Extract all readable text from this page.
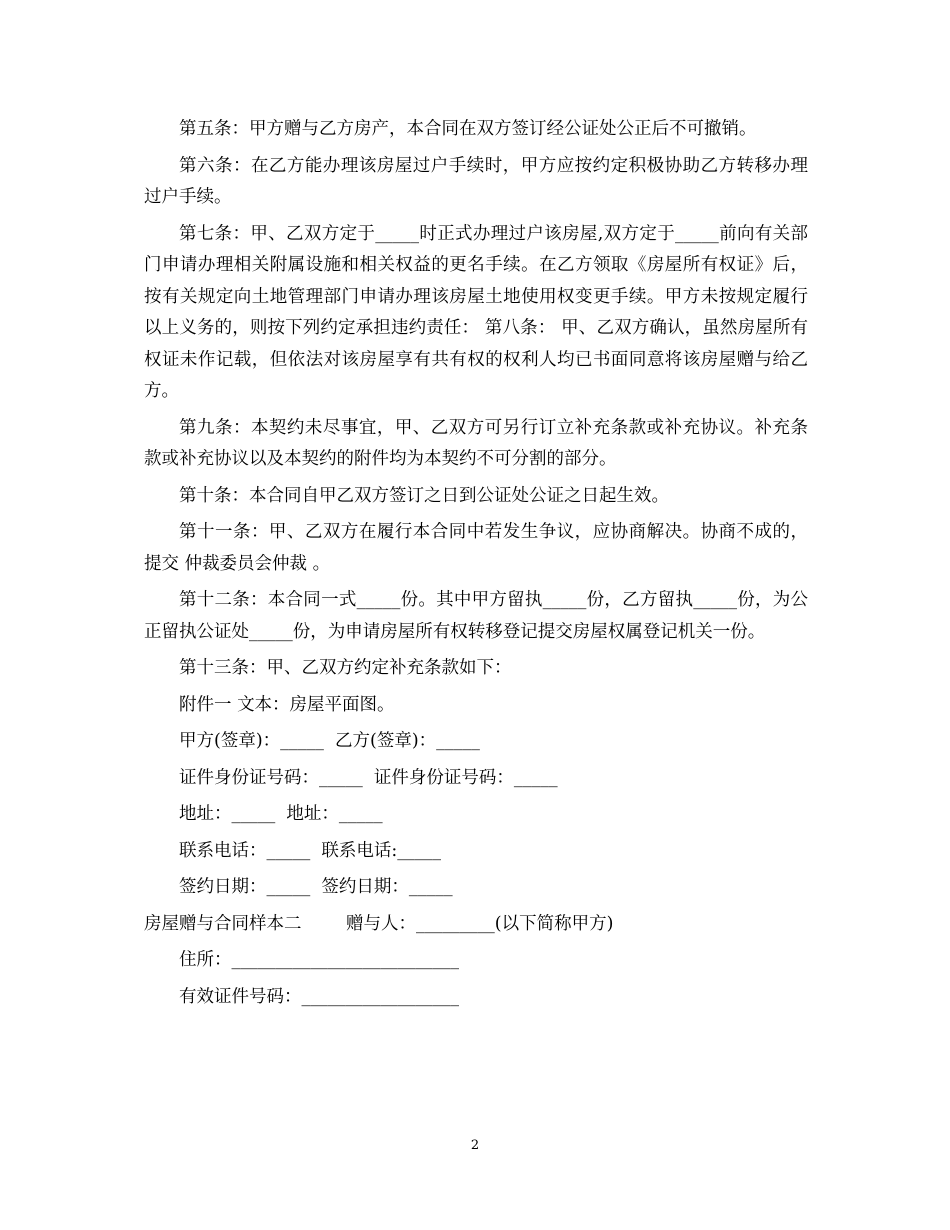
第五条：甲方赠与乙方房产，本合同在双方签订经公证处公正后不可撤销。

第六条：在乙方能办理该房屋过户手续时，甲方应按约定积极协助乙方转移办理过户手续。

第七条：甲、乙双方定于_____时正式办理过户该房屋,双方定于_____前向有关部门申请办理相关附属设施和相关权益的更名手续。在乙方领取《房屋所有权证》后，按有关规定向土地管理部门申请办理该房屋土地使用权变更手续。甲方未按规定履行以上义务的，则按下列约定承担违约责任： 第八条： 甲、乙双方确认，虽然房屋所有权证未作记载，但依法对该房屋享有共有权的权利人均已书面同意将该房屋赠与给乙方。

第九条：本契约未尽事宜，甲、乙双方可另行订立补充条款或补充协议。补充条款或补充协议以及本契约的附件均为本契约不可分割的部分。

第十条：本合同自甲乙双方签订之日到公证处公证之日起生效。

第十一条：甲、乙双方在履行本合同中若发生争议，应协商解决。协商不成的，提交 仲裁委员会仲裁 。

第十二条：本合同一式_____份。其中甲方留执_____份，乙方留执_____份，为公正留执公证处_____份，为申请房屋所有权转移登记提交房屋权属登记机关一份。

第十三条：甲、乙双方约定补充条款如下：

附件一 文本：房屋平面图。

甲方(签章)：_____  乙方(签章)：_____

证件身份证号码：_____  证件身份证号码：_____

地址：_____  地址：_____

联系电话：_____  联系电话:_____

签约日期：_____  签约日期：_____

房屋赠与合同样本二        赠与人：_________(以下简称甲方)

住所：__________________________

有效证件号码：__________________

2
